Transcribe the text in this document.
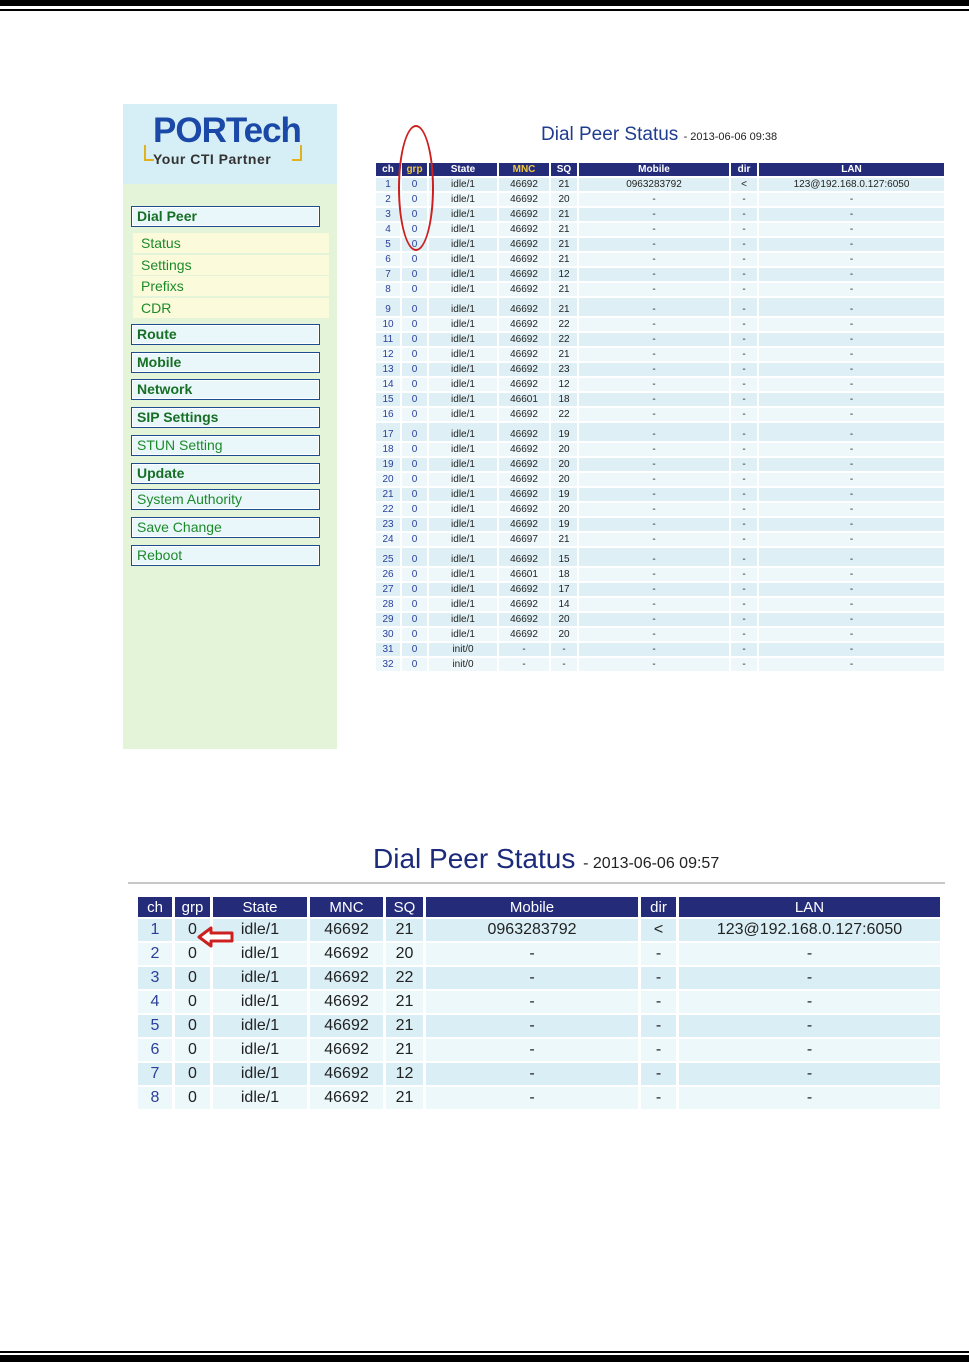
PORTech
Your CTI Partner
Dial Peer
Status
Settings
Prefixs
CDR
Route
Mobile
Network
SIP Settings
STUN Setting
Update
System Authority
Save Change
Reboot
Dial Peer Status - 2013-06-06 09:38
ch	grp	State	MNC	SQ	Mobile	dir	LAN
1	0	idle/1	46692	21	0963283792	<	123@192.168.0.127:6050
2	0	idle/1	46692	20	-	-	-
3	0	idle/1	46692	21	-	-	-
4	0	idle/1	46692	21	-	-	-
5	0	idle/1	46692	21	-	-	-
6	0	idle/1	46692	21	-	-	-
7	0	idle/1	46692	12	-	-	-
8	0	idle/1	46692	21	-	-	-
9	0	idle/1	46692	21	-	-	-
10	0	idle/1	46692	22	-	-	-
11	0	idle/1	46692	22	-	-	-
12	0	idle/1	46692	21	-	-	-
13	0	idle/1	46692	23	-	-	-
14	0	idle/1	46692	12	-	-	-
15	0	idle/1	46601	18	-	-	-
16	0	idle/1	46692	22	-	-	-
17	0	idle/1	46692	19	-	-	-
18	0	idle/1	46692	20	-	-	-
19	0	idle/1	46692	20	-	-	-
20	0	idle/1	46692	20	-	-	-
21	0	idle/1	46692	19	-	-	-
22	0	idle/1	46692	20	-	-	-
23	0	idle/1	46692	19	-	-	-
24	0	idle/1	46697	21	-	-	-
25	0	idle/1	46692	15	-	-	-
26	0	idle/1	46601	18	-	-	-
27	0	idle/1	46692	17	-	-	-
28	0	idle/1	46692	14	-	-	-
29	0	idle/1	46692	20	-	-	-
30	0	idle/1	46692	20	-	-	-
31	0	init/0	-	-	-	-	-
32	0	init/0	-	-	-	-	-
Dial Peer Status - 2013-06-06 09:57
ch	grp	State	MNC	SQ	Mobile	dir	LAN
1	0	idle/1	46692	21	0963283792	<	123@192.168.0.127:6050
2	0	idle/1	46692	20	-	-	-
3	0	idle/1	46692	22	-	-	-
4	0	idle/1	46692	21	-	-	-
5	0	idle/1	46692	21	-	-	-
6	0	idle/1	46692	21	-	-	-
7	0	idle/1	46692	12	-	-	-
8	0	idle/1	46692	21	-	-	-
